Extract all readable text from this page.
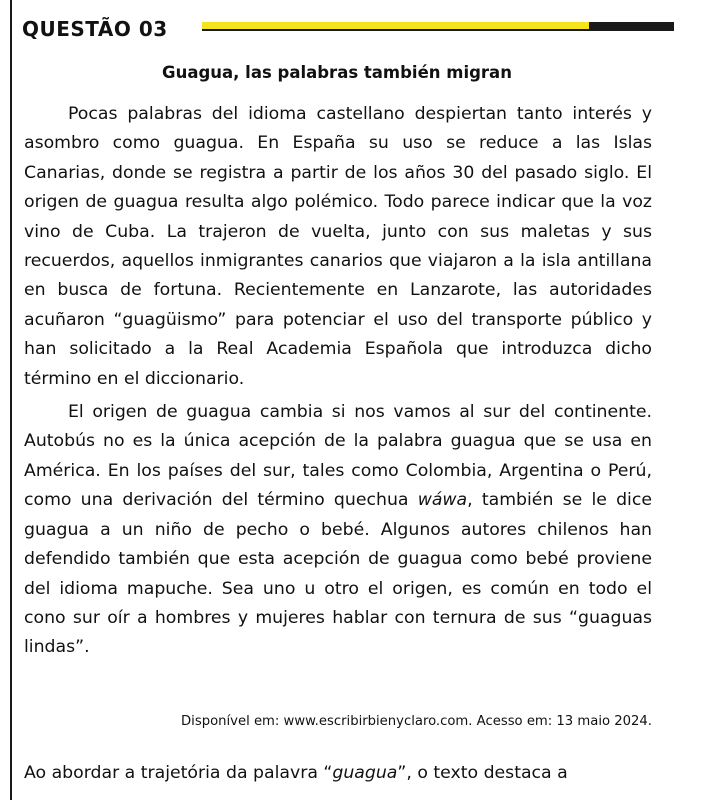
QUESTÃO 03
Guagua, las palabras también migran

Pocas palabras del idioma castellano despiertan tanto interés y asombro como guagua. En España su uso se reduce a las Islas Canarias, donde se registra a partir de los años 30 del pasado siglo. El origen de guagua resulta algo polémico. Todo parece indicar que la voz vino de Cuba. La trajeron de vuelta, junto con sus maletas y sus recuerdos, aquellos inmigrantes canarios que viajaron a la isla antillana en busca de fortuna. Recientemente en Lanzarote, las autoridades acuñaron “guagüismo” para potenciar el uso del transporte público y han solicitado a la Real Academia Española que introduzca dicho término en el diccionario.

El origen de guagua cambia si nos vamos al sur del continente. Autobús no es la única acepción de la palabra guagua que se usa en América. En los países del sur, tales como Colombia, Argentina o Perú, como una derivación del término quechua wáwa, también se le dice guagua a un niño de pecho o bebé. Algunos autores chilenos han defendido también que esta acepción de guagua como bebé proviene del idioma mapuche. Sea uno u otro el origen, es común en todo el cono sur oír a hombres y mujeres hablar con ternura de sus “guaguas lindas”.

Disponível em: www.escribirbienyclaro.com. Acesso em: 13 maio 2024.
Ao abordar a trajetória da palavra “guagua”, o texto destaca a
